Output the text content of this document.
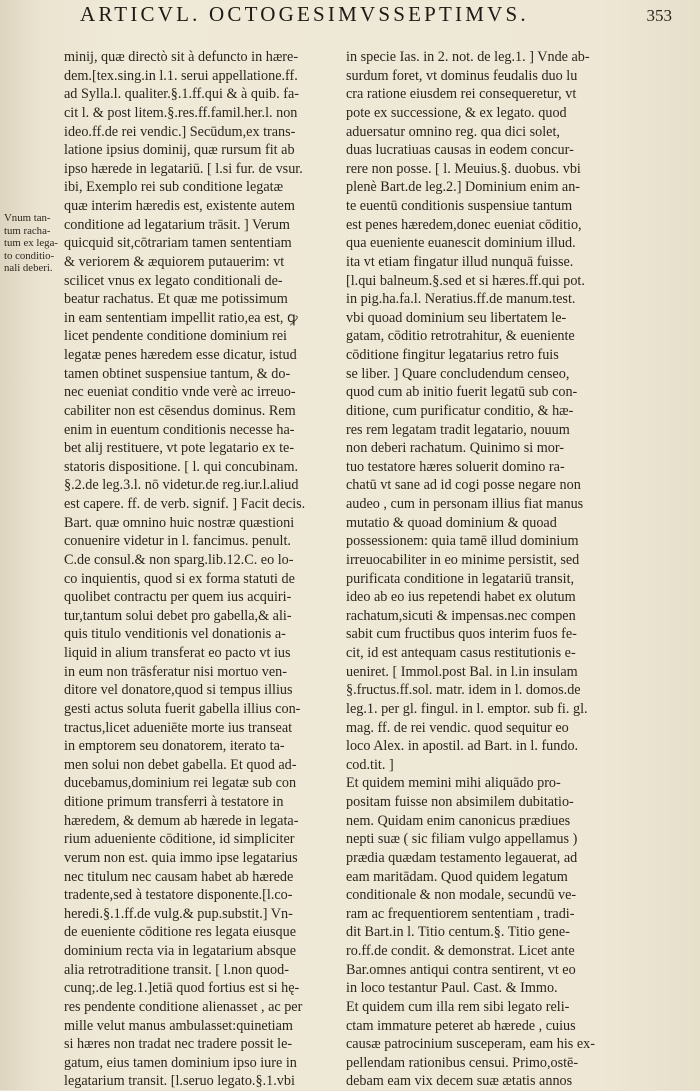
ARTICVL. OCTOGESIMVSSEPTIMVS.	353
Vnum tan-
tum racha-
tum ex lega-
to conditio-
nali deberi.
minij, quæ directò sit à defuncto in hære-
dem.[tex.sing.in l.1. serui appellatione.ff.
ad Sylla.l. qualiter.§.1.ff.qui & à quib. fa-
cit l. & post litem.§.res.ff.famil.her.l. non
ideo.ff.de rei vendic.] Secūdum,ex trans-
latione ipsius dominij, quæ rursum fit ab
ipso hærede in legatariū. [ l.si fur. de vsur.
ibi, Exemplo rei sub conditione legatæ
quæ interim hæredis est, existente autem
conditione ad legatarium trāsit. ] Verum
quicquid sit,cōtrariam tamen sententiam
& veriorem & æquiorem putauerim: vt
scilicet vnus ex legato conditionali de-
beatur rachatus. Et quæ me potissimum
in eam sententiam impellit ratio,ea est, ꝙ
licet pendente conditione dominium rei
legatæ penes hæredem esse dicatur, istud
tamen obtinet suspensiue tantum, & do-
nec eueniat conditio vnde verè ac irreuo-
cabiliter non est cēsendus dominus. Rem
enim in euentum conditionis necesse ha-
bet alij restituere, vt pote legatario ex te-
statoris dispositione. [ l. qui concubinam.
§.2.de leg.3.l. nō videtur.de reg.iur.l.aliud
est capere. ff. de verb. signif. ] Facit decis.
Bart. quæ omnino huic nostræ quæstioni
conuenire videtur in l. fancimus. penult.
C.de consul.& non sparg.lib.12.C. eo lo-
co inquientis, quod si ex forma statuti de
quolibet contractu per quem ius acquiri-
tur,tantum solui debet pro gabella,& ali-
quis titulo venditionis vel donationis a-
liquid in alium transferat eo pacto vt ius
in eum non trāsferatur nisi mortuo ven-
ditore vel donatore,quod si tempus illius
gesti actus soluta fuerit gabella illius con-
tractus,licet adueniēte morte ius transeat
in emptorem seu donatorem, iterato ta-
men solui non debet gabella. Et quod ad-
ducebamus,dominium rei legatæ sub con
ditione primum transferri à testatore in
hæredem, & demum ab hærede in legata-
rium adueniente cōditione, id simpliciter
verum non est. quia immo ipse legatarius
nec titulum nec causam habet ab hærede
tradente,sed à testatore disponente.[l.co-
heredi.§.1.ff.de vulg.& pup.substit.] Vn-
de eueniente cōditione res legata eiusque
dominium recta via in legatarium absque
alia retrotraditione transit. [ l.non quod-
cunq;.de leg.1.]etiā quod fortius est si hę-
res pendente conditione alienasset , ac per
mille velut manus ambulasset:quinetiam
si hæres non tradat nec tradere possit le-
gatum, eius tamen dominium ipso iure in
legatarium transit. [l.seruo legato.§.1.vbi
in specie Ias. in 2. not. de leg.1. ] Vnde ab-
surdum foret, vt dominus feudalis duo lu
cra ratione eiusdem rei consequeretur, vt
pote ex successione, & ex legato. quod
aduersatur omnino reg. qua dici solet,
duas lucratiuas causas in eodem concur-
rere non posse. [ l. Meuius.§. duobus. vbi
plenè Bart.de leg.2.] Dominium enim an-
te euentū conditionis suspensiue tantum
est penes hæredem,donec eueniat cōditio,
qua eueniente euanescit dominium illud.
ita vt etiam fingatur illud nunquā fuisse.
[l.qui balneum.§.sed et si hæres.ff.qui pot.
in pig.ha.fa.l. Neratius.ff.de manum.test.
vbi quoad dominium seu libertatem le-
gatam, cōditio retrotrahitur, & eueniente
cōditione fingitur legatarius retro fuis
se liber. ] Quare concludendum censeo,
quod cum ab initio fuerit legatū sub con-
ditione, cum purificatur conditio, & hæ-
res rem legatam tradit legatario, nouum
non deberi rachatum. Quinimo si mor-
tuo testatore hæres soluerit domino ra-
chatū vt sane ad id cogi posse negare non
audeo , cum in personam illius fiat manus
mutatio & quoad dominium & quoad
possessionem: quia tamē illud dominium
irreuocabiliter in eo minime persistit, sed
purificata conditione in legatariū transit,
ideo ab eo ius repetendi habet ex olutum
rachatum,sicuti & impensas.nec compen
sabit cum fructibus quos interim fuos fe-
cit, id est antequam casus restitutionis e-
ueniret. [ Immol.post Bal. in l.in insulam
§.fructus.ff.sol. matr. idem in l. domos.de
leg.1. per gl. fingul. in l. emptor. sub fi. gl.
mag. ff. de rei vendic. quod sequitur eo
loco Alex. in apostil. ad Bart. in l. fundo.
cod.tit. ]
Et quidem memini mihi aliquādo pro-
positam fuisse non absimilem dubitatio-
nem. Quidam enim canonicus prædiues
nepti suæ ( sic filiam vulgo appellamus )
prædia quædam testamento legauerat, ad
eam maritādam. Quod quidem legatum
conditionale & non modale, secundū ve-
ram ac frequentiorem sententiam , tradi-
dit Bart.in l. Titio centum.§. Titio gene-
ro.ff.de condit. & demonstrat. Licet ante
Bar.omnes antiqui contra sentirent, vt eo
in loco testantur Paul. Cast. & Immo.
Et quidem cum illa rem sibi legato reli-
ctam immature peteret ab hærede , cuius
causæ patrocinium susceperam, eam his ex-
pellendam rationibus censui. Primo,ostē-
debam eam vix decem suæ ætatis annos
